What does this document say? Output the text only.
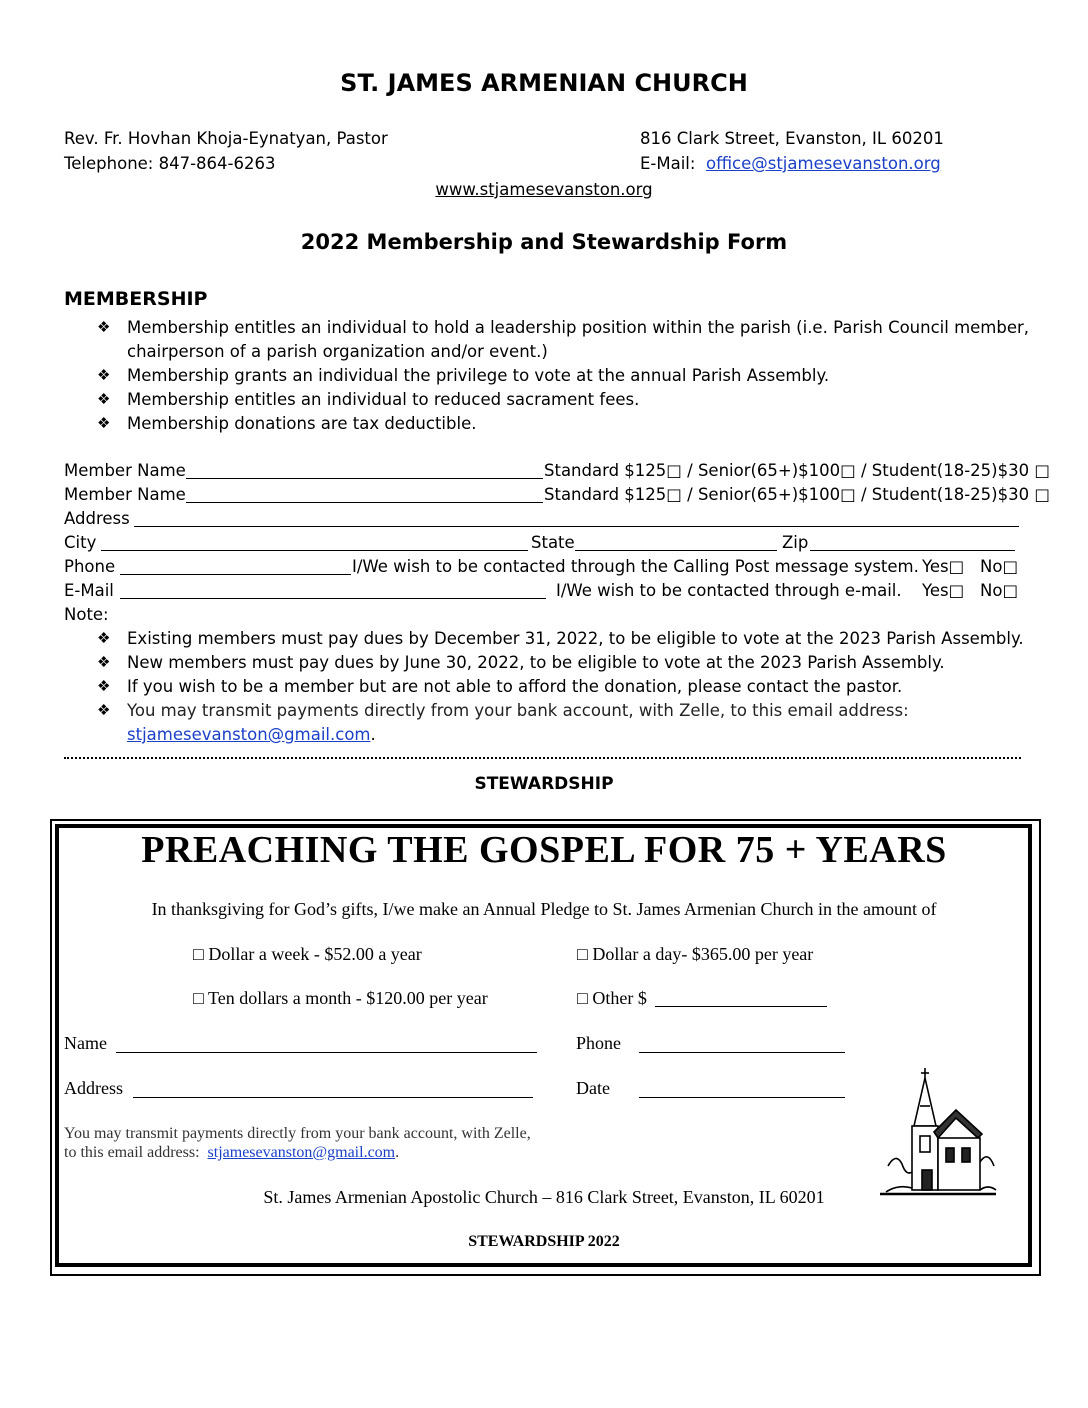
ST. JAMES ARMENIAN CHURCH
Rev. Fr. Hovhan Khoja-Eynatyan, Pastor
Telephone: 847-864-6263
816 Clark Street, Evanston, IL 60201
E-Mail: office@stjamesevanston.org
www.stjamesevanston.org
2022 Membership and Stewardship Form
MEMBERSHIP
❖ Membership entitles an individual to hold a leadership position within the parish (i.e. Parish Council member,
chairperson of a parish organization and/or event.)
❖ Membership grants an individual the privilege to vote at the annual Parish Assembly.
❖ Membership entitles an individual to reduced sacrament fees.
❖ Membership donations are tax deductible.
Member Name	Standard $125□ / Senior(65+)$100□ / Student(18-25)$30 □
Member Name	Standard $125□ / Senior(65+)$100□ / Student(18-25)$30 □
Address
City	State	Zip
Phone	I/We wish to be contacted through the Calling Post message system. Yes□ No□
E-Mail	I/We wish to be contacted through e-mail. Yes□ No□
Note:
❖ Existing members must pay dues by December 31, 2022, to be eligible to vote at the 2023 Parish Assembly.
❖ New members must pay dues by June 30, 2022, to be eligible to vote at the 2023 Parish Assembly.
❖ If you wish to be a member but are not able to afford the donation, please contact the pastor.
❖ You may transmit payments directly from your bank account, with Zelle, to this email address:
stjamesevanston@gmail.com.
STEWARDSHIP
PREACHING THE GOSPEL FOR 75 + YEARS
In thanksgiving for God’s gifts, I/we make an Annual Pledge to St. James Armenian Church in the amount of
□ Dollar a week - $52.00 a year	□ Dollar a day- $365.00 per year
□ Ten dollars a month - $120.00 per year	□ Other $
Name	Phone
Address	Date
You may transmit payments directly from your bank account, with Zelle,
to this email address: stjamesevanston@gmail.com.
St. James Armenian Apostolic Church – 816 Clark Street, Evanston, IL 60201
STEWARDSHIP 2022
